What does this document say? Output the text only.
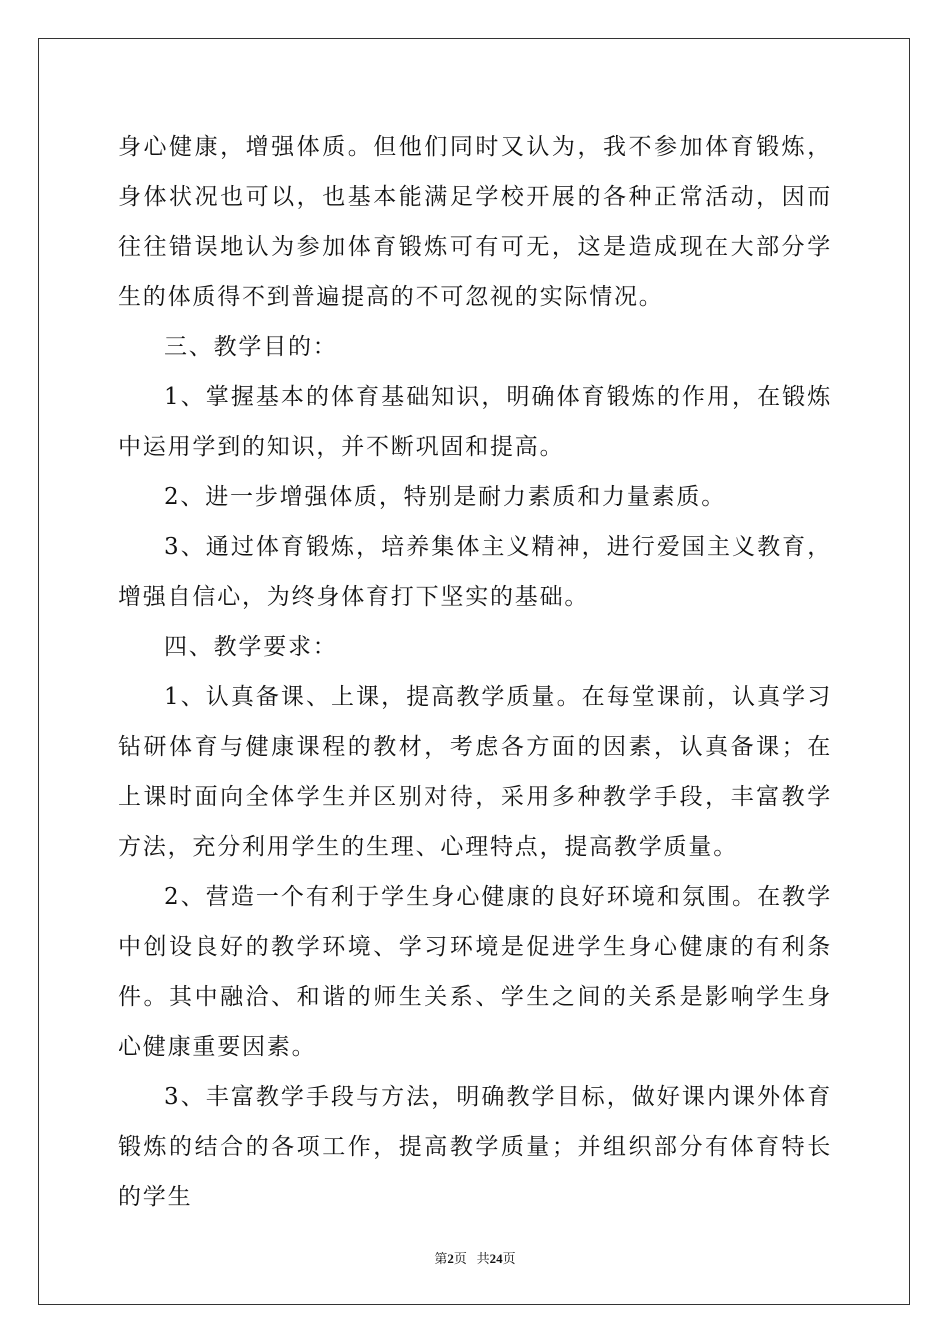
身心健康，增强体质。但他们同时又认为，我不参加体育锻炼，身体状况也可以，也基本能满足学校开展的各种正常活动，因而往往错误地认为参加体育锻炼可有可无，这是造成现在大部分学生的体质得不到普遍提高的不可忽视的实际情况。

三、教学目的：

1、掌握基本的体育基础知识，明确体育锻炼的作用，在锻炼中运用学到的知识，并不断巩固和提高。

2、进一步增强体质，特别是耐力素质和力量素质。

3、通过体育锻炼，培养集体主义精神，进行爱国主义教育，增强自信心，为终身体育打下坚实的基础。

四、教学要求：

1、认真备课、上课，提高教学质量。在每堂课前，认真学习钻研体育与健康课程的教材，考虑各方面的因素，认真备课；在上课时面向全体学生并区别对待，采用多种教学手段，丰富教学方法，充分利用学生的生理、心理特点，提高教学质量。

2、营造一个有利于学生身心健康的良好环境和氛围。在教学中创设良好的教学环境、学习环境是促进学生身心健康的有利条件。其中融洽、和谐的师生关系、学生之间的关系是影响学生身心健康重要因素。

3、丰富教学手段与方法，明确教学目标，做好课内课外体育锻炼的结合的各项工作，提高教学质量；并组织部分有体育特长的学生

第2页 共24页
